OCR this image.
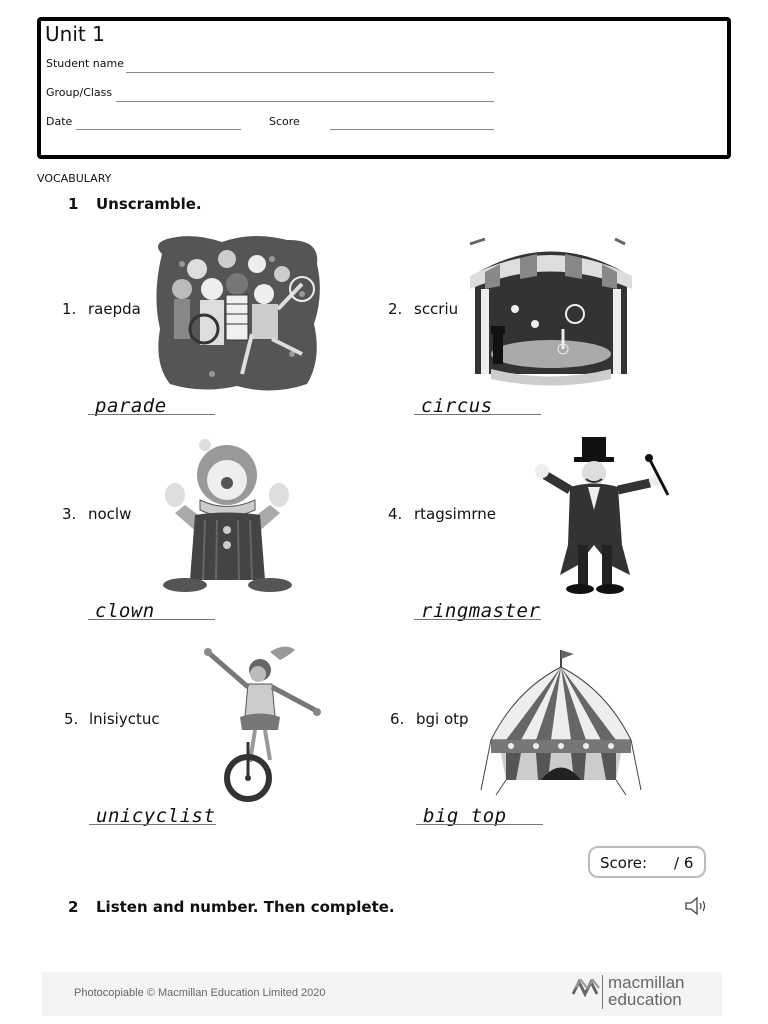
Unit 1
Student name
Group/Class
Date	Score
VOCABULARY
1 Unscramble.
1. raepda
parade
2. sccriu
circus
3. noclw
clown
4. rtagsimrne
ringmaster
5. lnisiyctuc
unicyclist
6. bgi otp
big top
Score: / 6
2 Listen and number. Then complete.
Photocopiable © Macmillan Education Limited 2020
macmillan
education
